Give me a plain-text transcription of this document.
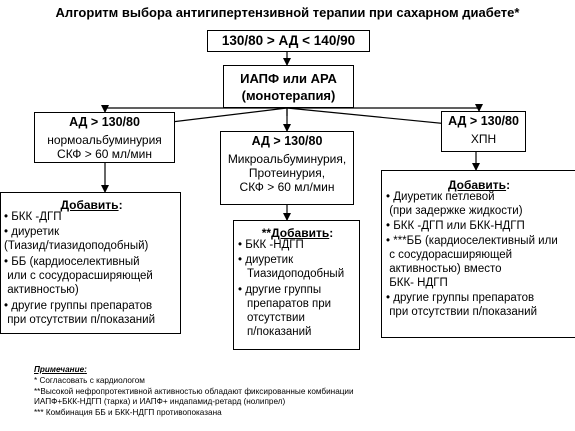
Алгоритм выбора антигипертензивной терапии при сахарном диабете*
130/80 > АД < 140/90
ИАПФ или АРА
(монотерапия)
АД > 130/80
нормоальбуминурия
СКФ > 60 мл/мин
АД > 130/80
Микроальбуминурия,
Протеинурия,
СКФ > 60 мл/мин
АД > 130/80
ХПН
Добавить:
• БКК -ДГП
• диуретик
(Тиазид/тиазидоподобный)
• ББ (кардиоселективный
или с сосудорасширяющей
активностью)
• другие группы препаратов
при отсутствии п/показаний
**Добавить:
• БКК -НДГП
• диуретик
Тиазидоподобный
• другие группы
препаратов при
отсутствии
п/показаний
Добавить:
• Диуретик петлевой
(при задержке жидкости)
• БКК -ДГП или БКК-НДГП
• ***ББ (кардиоселективный или
с сосудорасширяющей
активностью) вместо
БКК- НДГП
• другие группы препаратов
при отсутствии п/показаний
Примечание:
* Согласовать с кардиологом
**Высокой нефропротективной активностью обладают фиксированные комбинации
ИАПФ+БКК-НДГП (тарка) и ИАПФ+ индапамид-ретард (нолипрел)
*** Комбинация ББ и БКК-НДГП противопоказана
